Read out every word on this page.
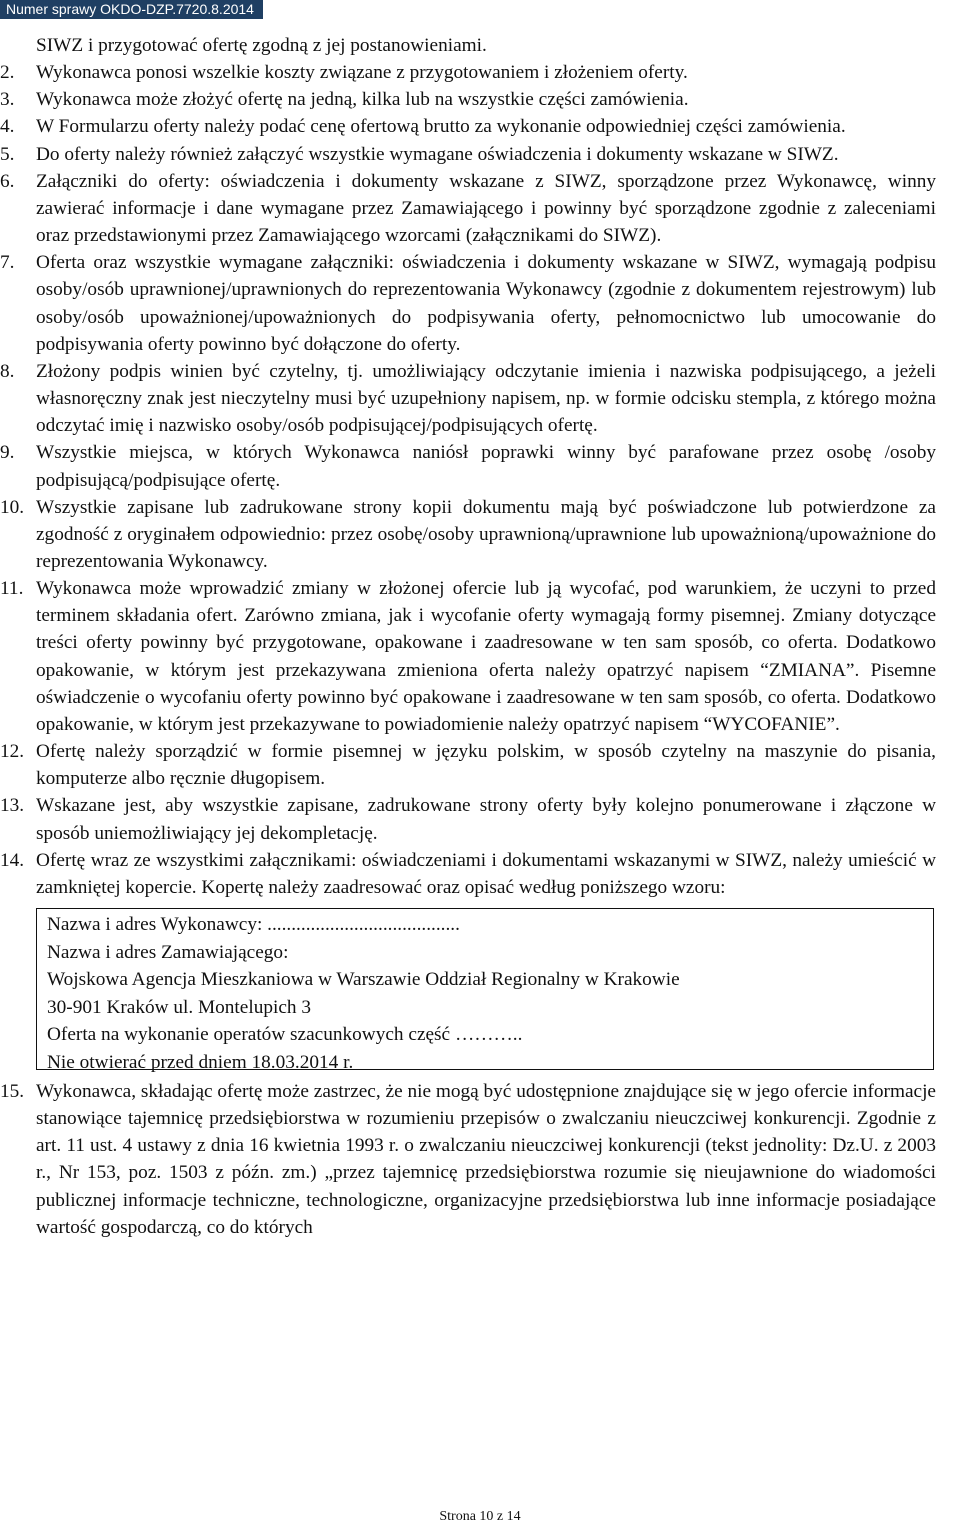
Numer sprawy OKDO-DZP.7720.8.2014
SIWZ i przygotować ofertę zgodną z jej postanowieniami.
2.	Wykonawca ponosi wszelkie koszty związane z przygotowaniem i złożeniem oferty.
3.	Wykonawca może złożyć ofertę na jedną, kilka lub na wszystkie części zamówienia.
4.	W Formularzu oferty należy podać cenę ofertową brutto za wykonanie odpowiedniej części zamówienia.
5.	Do oferty należy również załączyć wszystkie wymagane oświadczenia i dokumenty wskazane w SIWZ.
6.	Załączniki do oferty: oświadczenia i dokumenty wskazane z SIWZ, sporządzone przez Wykonawcę, winny zawierać informacje i dane wymagane przez Zamawiającego i powinny być sporządzone zgodnie z zaleceniami oraz przedstawionymi przez Zamawiającego wzorcami (załącznikami do SIWZ).
7.	Oferta oraz wszystkie wymagane załączniki: oświadczenia i dokumenty wskazane w SIWZ, wymagają podpisu osoby/osób uprawnionej/uprawnionych do reprezentowania Wykonawcy (zgodnie z dokumentem rejestrowym) lub osoby/osób upoważnionej/upoważnionych do podpisywania oferty, pełnomocnictwo lub umocowanie do podpisywania oferty powinno być dołączone do oferty.
8.	Złożony podpis winien być czytelny, tj. umożliwiający odczytanie imienia i nazwiska podpisującego, a jeżeli własnoręczny znak jest nieczytelny musi być uzupełniony napisem, np. w formie odcisku stempla, z którego można odczytać imię i nazwisko osoby/osób podpisującej/podpisujących ofertę.
9.	Wszystkie miejsca, w których Wykonawca naniósł poprawki winny być parafowane przez osobę /osoby podpisującą/podpisujące ofertę.
10. Wszystkie zapisane lub zadrukowane strony kopii dokumentu mają być poświadczone lub potwierdzone za zgodność z oryginałem odpowiednio: przez osobę/osoby uprawnioną/uprawnione lub upoważnioną/upoważnione do reprezentowania Wykonawcy.
11. Wykonawca może wprowadzić zmiany w złożonej ofercie lub ją wycofać, pod warunkiem, że uczyni to przed terminem składania ofert. Zarówno zmiana, jak i wycofanie oferty wymagają formy pisemnej. Zmiany dotyczące treści oferty powinny być przygotowane, opakowane i zaadresowane w ten sam sposób, co oferta. Dodatkowo opakowanie, w którym jest przekazywana zmieniona oferta należy opatrzyć napisem “ZMIANA”. Pisemne oświadczenie o wycofaniu oferty powinno być opakowane i zaadresowane w ten sam sposób, co oferta. Dodatkowo opakowanie, w którym jest przekazywane to powiadomienie należy opatrzyć napisem “WYCOFANIE”.
12. Ofertę należy sporządzić w formie pisemnej w języku polskim, w sposób czytelny na maszynie do pisania, komputerze albo ręcznie długopisem.
13. Wskazane jest, aby wszystkie zapisane, zadrukowane strony oferty były kolejno ponumerowane i złączone w sposób uniemożliwiający jej dekompletację.
14. Ofertę wraz ze wszystkimi załącznikami: oświadczeniami i dokumentami wskazanymi w SIWZ, należy umieścić w zamkniętej kopercie. Kopertę należy zaadresować oraz opisać według poniższego wzoru:
Nazwa i adres Wykonawcy: ........................................
Nazwa i adres Zamawiającego:
Wojskowa Agencja Mieszkaniowa w Warszawie Oddział Regionalny w Krakowie
30-901 Kraków ul. Montelupich 3
Oferta na wykonanie operatów szacunkowych część ………..
Nie otwierać przed dniem 18.03.2014 r.
15. Wykonawca, składając ofertę może zastrzec, że nie mogą być udostępnione znajdujące się w jego ofercie informacje stanowiące tajemnicę przedsiębiorstwa w rozumieniu przepisów o zwalczaniu nieuczciwej konkurencji. Zgodnie z art. 11 ust. 4 ustawy z dnia 16 kwietnia 1993 r. o zwalczaniu nieuczciwej konkurencji (tekst jednolity: Dz.U. z 2003 r., Nr 153, poz. 1503 z późn. zm.) „przez tajemnicę przedsiębiorstwa rozumie się nieujawnione do wiadomości publicznej informacje techniczne, technologiczne, organizacyjne przedsiębiorstwa lub inne informacje posiadające wartość gospodarczą, co do których
Strona 10 z 14
